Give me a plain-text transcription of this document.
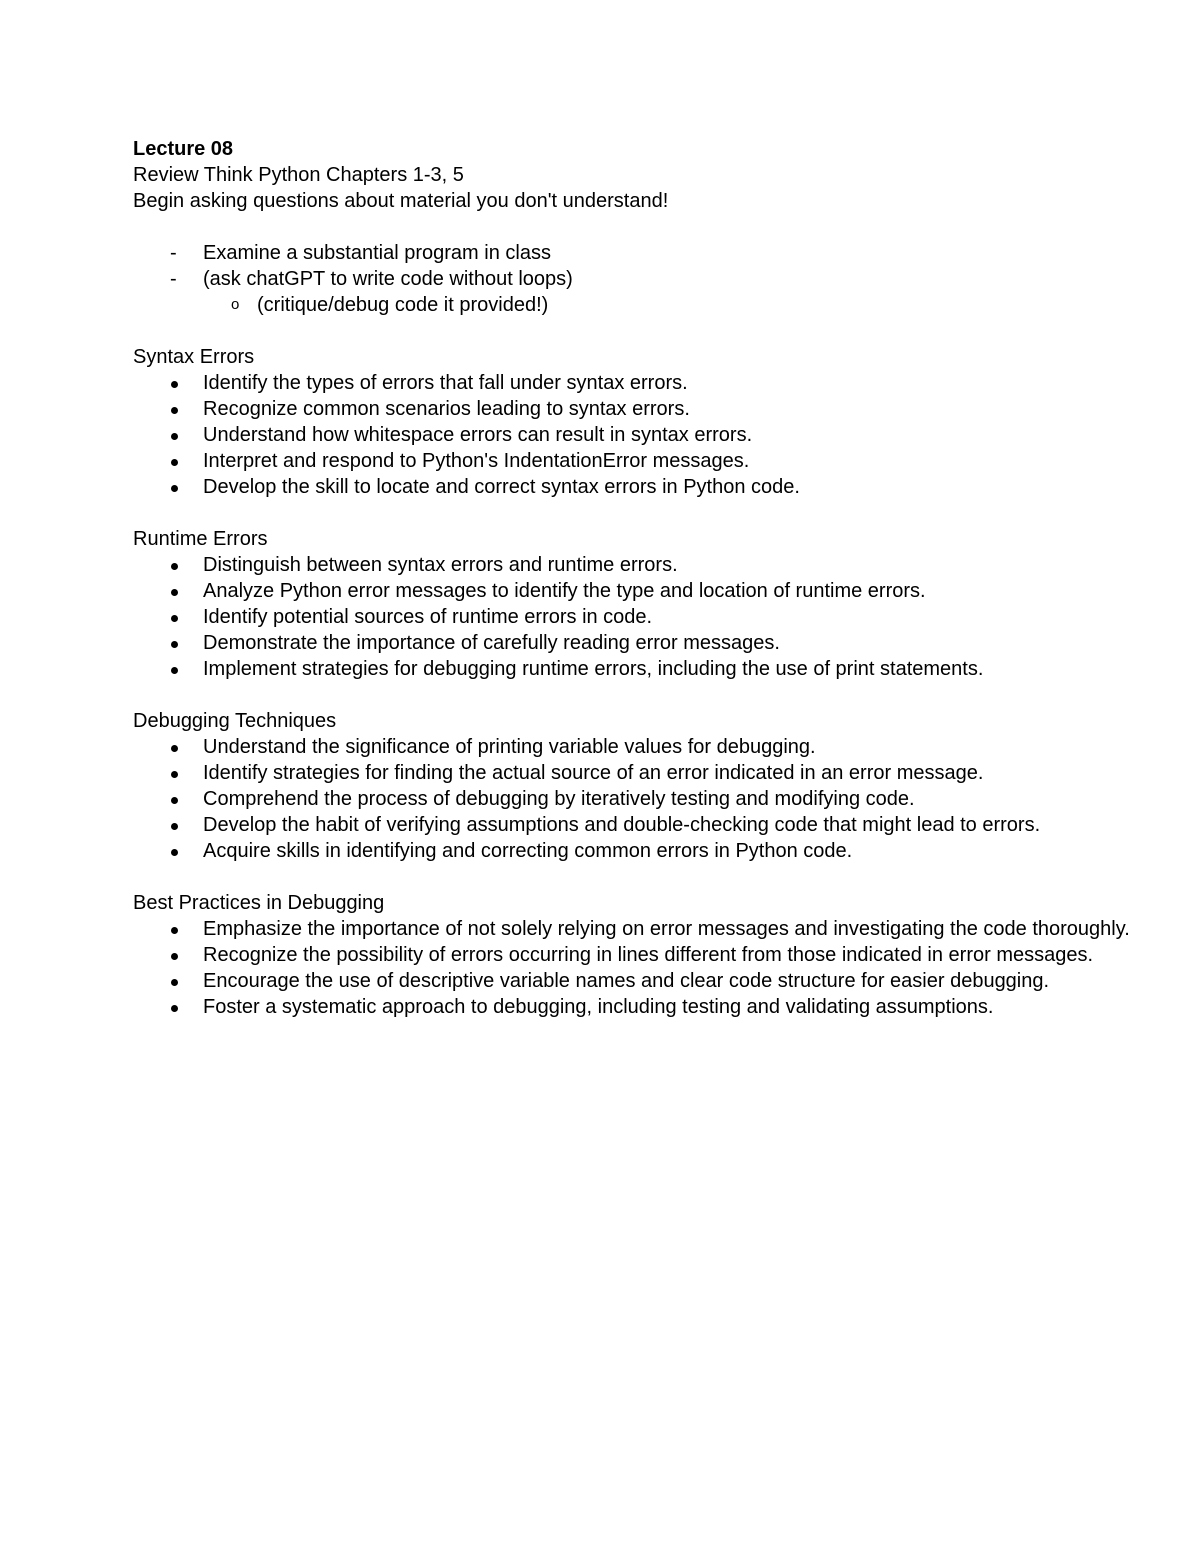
Lecture 08
Review Think Python Chapters 1-3, 5
Begin asking questions about material you don't understand!
-	Examine a substantial program in class
-	(ask chatGPT to write code without loops)
o (critique/debug code it provided!)
Syntax Errors
Identify the types of errors that fall under syntax errors.
Recognize common scenarios leading to syntax errors.
Understand how whitespace errors can result in syntax errors.
Interpret and respond to Python's IndentationError messages.
Develop the skill to locate and correct syntax errors in Python code.
Runtime Errors
Distinguish between syntax errors and runtime errors.
Analyze Python error messages to identify the type and location of runtime errors.
Identify potential sources of runtime errors in code.
Demonstrate the importance of carefully reading error messages.
Implement strategies for debugging runtime errors, including the use of print statements.
Debugging Techniques
Understand the significance of printing variable values for debugging.
Identify strategies for finding the actual source of an error indicated in an error message.
Comprehend the process of debugging by iteratively testing and modifying code.
Develop the habit of verifying assumptions and double-checking code that might lead to errors.
Acquire skills in identifying and correcting common errors in Python code.
Best Practices in Debugging
Emphasize the importance of not solely relying on error messages and investigating the code thoroughly.
Recognize the possibility of errors occurring in lines different from those indicated in error messages.
Encourage the use of descriptive variable names and clear code structure for easier debugging.
Foster a systematic approach to debugging, including testing and validating assumptions.
